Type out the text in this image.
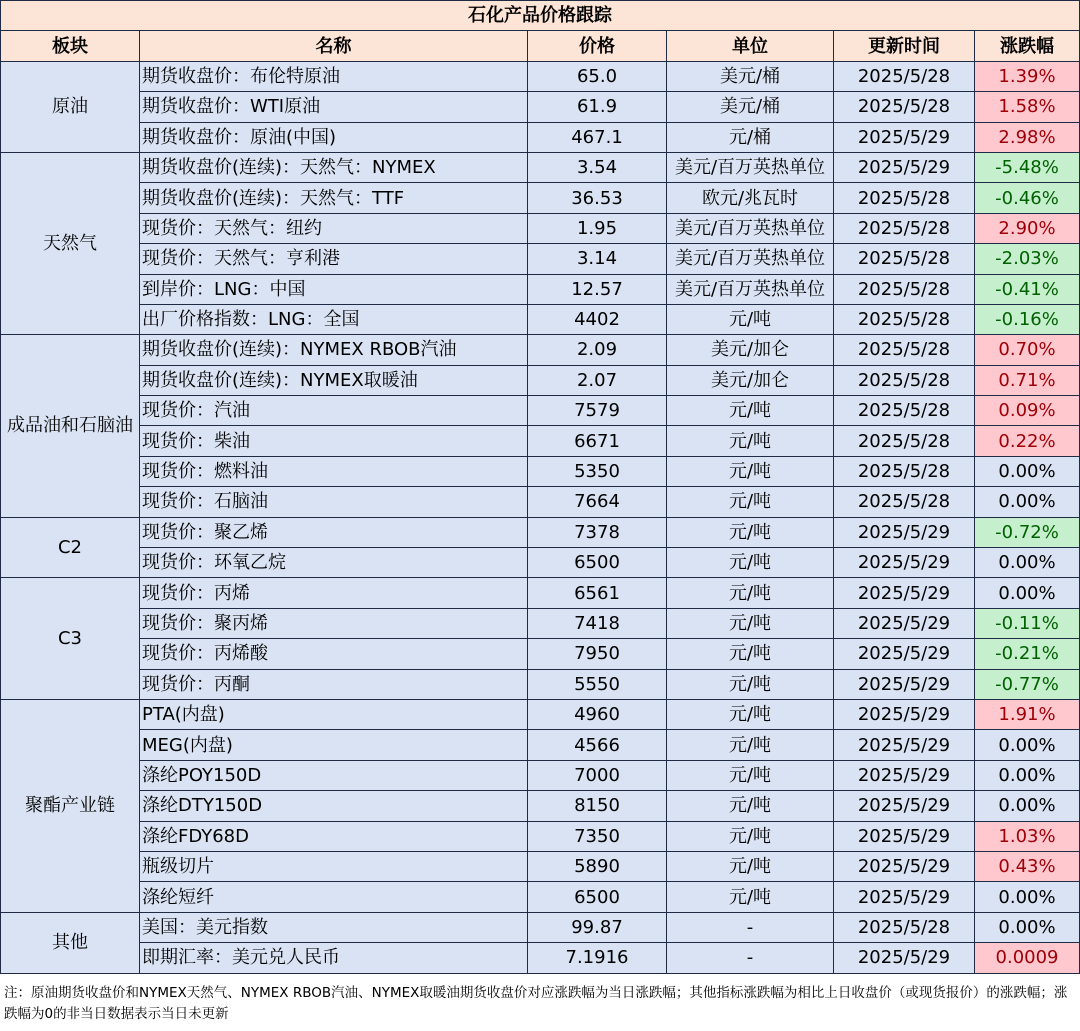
石化产品价格跟踪					
板块	名称	价格	单位	更新时间	涨跌幅
原油	期货收盘价：布伦特原油	65.0	美元/桶	2025/5/28	1.39%
	期货收盘价：WTI原油	61.9	美元/桶	2025/5/28	1.58%
	期货收盘价：原油(中国)	467.1	元/桶	2025/5/29	2.98%
天然气	期货收盘价(连续)：天然气：NYMEX	3.54	美元/百万英热单位	2025/5/29	-5.48%
	期货收盘价(连续)：天然气：TTF	36.53	欧元/兆瓦时	2025/5/28	-0.46%
	现货价：天然气：纽约	1.95	美元/百万英热单位	2025/5/28	2.90%
	现货价：天然气：亨利港	3.14	美元/百万英热单位	2025/5/28	-2.03%
	到岸价：LNG：中国	12.57	美元/百万英热单位	2025/5/28	-0.41%
	出厂价格指数：LNG：全国	4402	元/吨	2025/5/28	-0.16%
成品油和石脑油	期货收盘价(连续)：NYMEX RBOB汽油	2.09	美元/加仑	2025/5/28	0.70%
	期货收盘价(连续)：NYMEX取暖油	2.07	美元/加仑	2025/5/28	0.71%
	现货价：汽油	7579	元/吨	2025/5/28	0.09%
	现货价：柴油	6671	元/吨	2025/5/28	0.22%
	现货价：燃料油	5350	元/吨	2025/5/28	0.00%
	现货价：石脑油	7664	元/吨	2025/5/28	0.00%
C2	现货价：聚乙烯	7378	元/吨	2025/5/29	-0.72%
	现货价：环氧乙烷	6500	元/吨	2025/5/29	0.00%
C3	现货价：丙烯	6561	元/吨	2025/5/29	0.00%
	现货价：聚丙烯	7418	元/吨	2025/5/29	-0.11%
	现货价：丙烯酸	7950	元/吨	2025/5/29	-0.21%
	现货价：丙酮	5550	元/吨	2025/5/29	-0.77%
聚酯产业链	PTA(内盘)	4960	元/吨	2025/5/29	1.91%
	MEG(内盘)	4566	元/吨	2025/5/29	0.00%
	涤纶POY150D	7000	元/吨	2025/5/29	0.00%
	涤纶DTY150D	8150	元/吨	2025/5/29	0.00%
	涤纶FDY68D	7350	元/吨	2025/5/29	1.03%
	瓶级切片	5890	元/吨	2025/5/29	0.43%
	涤纶短纤	6500	元/吨	2025/5/29	0.00%
其他	美国：美元指数	99.87	-	2025/5/28	0.00%
	即期汇率：美元兑人民币	7.1916	-	2025/5/29	0.0009
注：原油期货收盘价和NYMEX天然气、NYMEX RBOB汽油、NYMEX取暖油期货收盘价对应涨跌幅为当日涨跌幅；其他指标涨跌幅为相比上日收盘价（或现货报价）的涨跌幅；涨跌幅为0的非当日数据表示当日未更新
